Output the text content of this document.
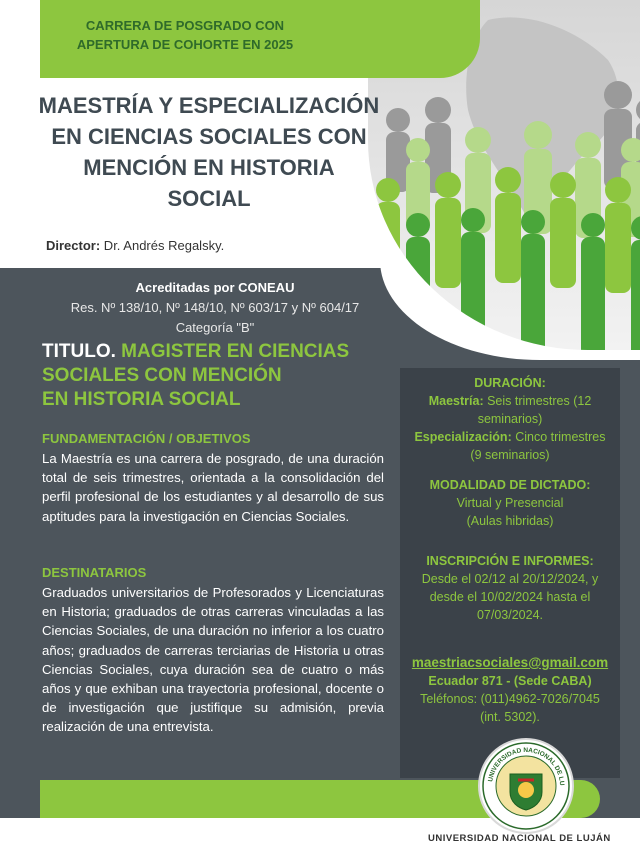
CARRERA DE POSGRADO CON
APERTURA DE COHORTE EN 2025
MAESTRÍA Y ESPECIALIZACIÓN
EN CIENCIAS SOCIALES CON
MENCIÓN EN HISTORIA
SOCIAL
Director: Dr. Andrés Regalsky.
Acreditadas por CONEAU
Res. Nº 138/10, Nº 148/10, Nº 603/17 y Nº 604/17
Categoría "B"
TITULO. MAGISTER EN CIENCIAS
SOCIALES CON MENCIÓN
EN HISTORIA SOCIAL
FUNDAMENTACIÓN / OBJETIVOS
La Maestría es una carrera de posgrado, de una duración total de seis trimestres, orientada a la consolidación del perfil profesional de los estudiantes y al desarrollo de sus aptitudes para la investigación en Ciencias Sociales.
DESTINATARIOS
Graduados universitarios de Profesorados y Licenciaturas en Historia; graduados de otras carreras vinculadas a las Ciencias Sociales, de una duración no inferior a los cuatro años; graduados de carreras terciarias de Historia u otras Ciencias Sociales, cuya duración sea de cuatro o más años y que exhiban una trayectoria profesional, docente o de investigación que justifique su admisión, previa realización de una entrevista.
DURACIÓN:
Maestría: Seis trimestres (12
seminarios)
Especialización: Cinco trimestres
(9 seminarios)
MODALIDAD DE DICTADO:
Virtual y Presencial
(Aulas hibridas)
INSCRIPCIÓN E INFORMES:
Desde el 02/12 al 20/12/2024, y
desde el 10/02/2024 hasta el
07/03/2024.
maestriacsociales@gmail.com
Ecuador 871 - (Sede CABA)
Teléfonos: (011)4962-7026/7045
(int. 5302).
UNIVERSIDAD NACIONAL DE LU
UNIVERSIDAD NACIONAL DE LUJÁN
